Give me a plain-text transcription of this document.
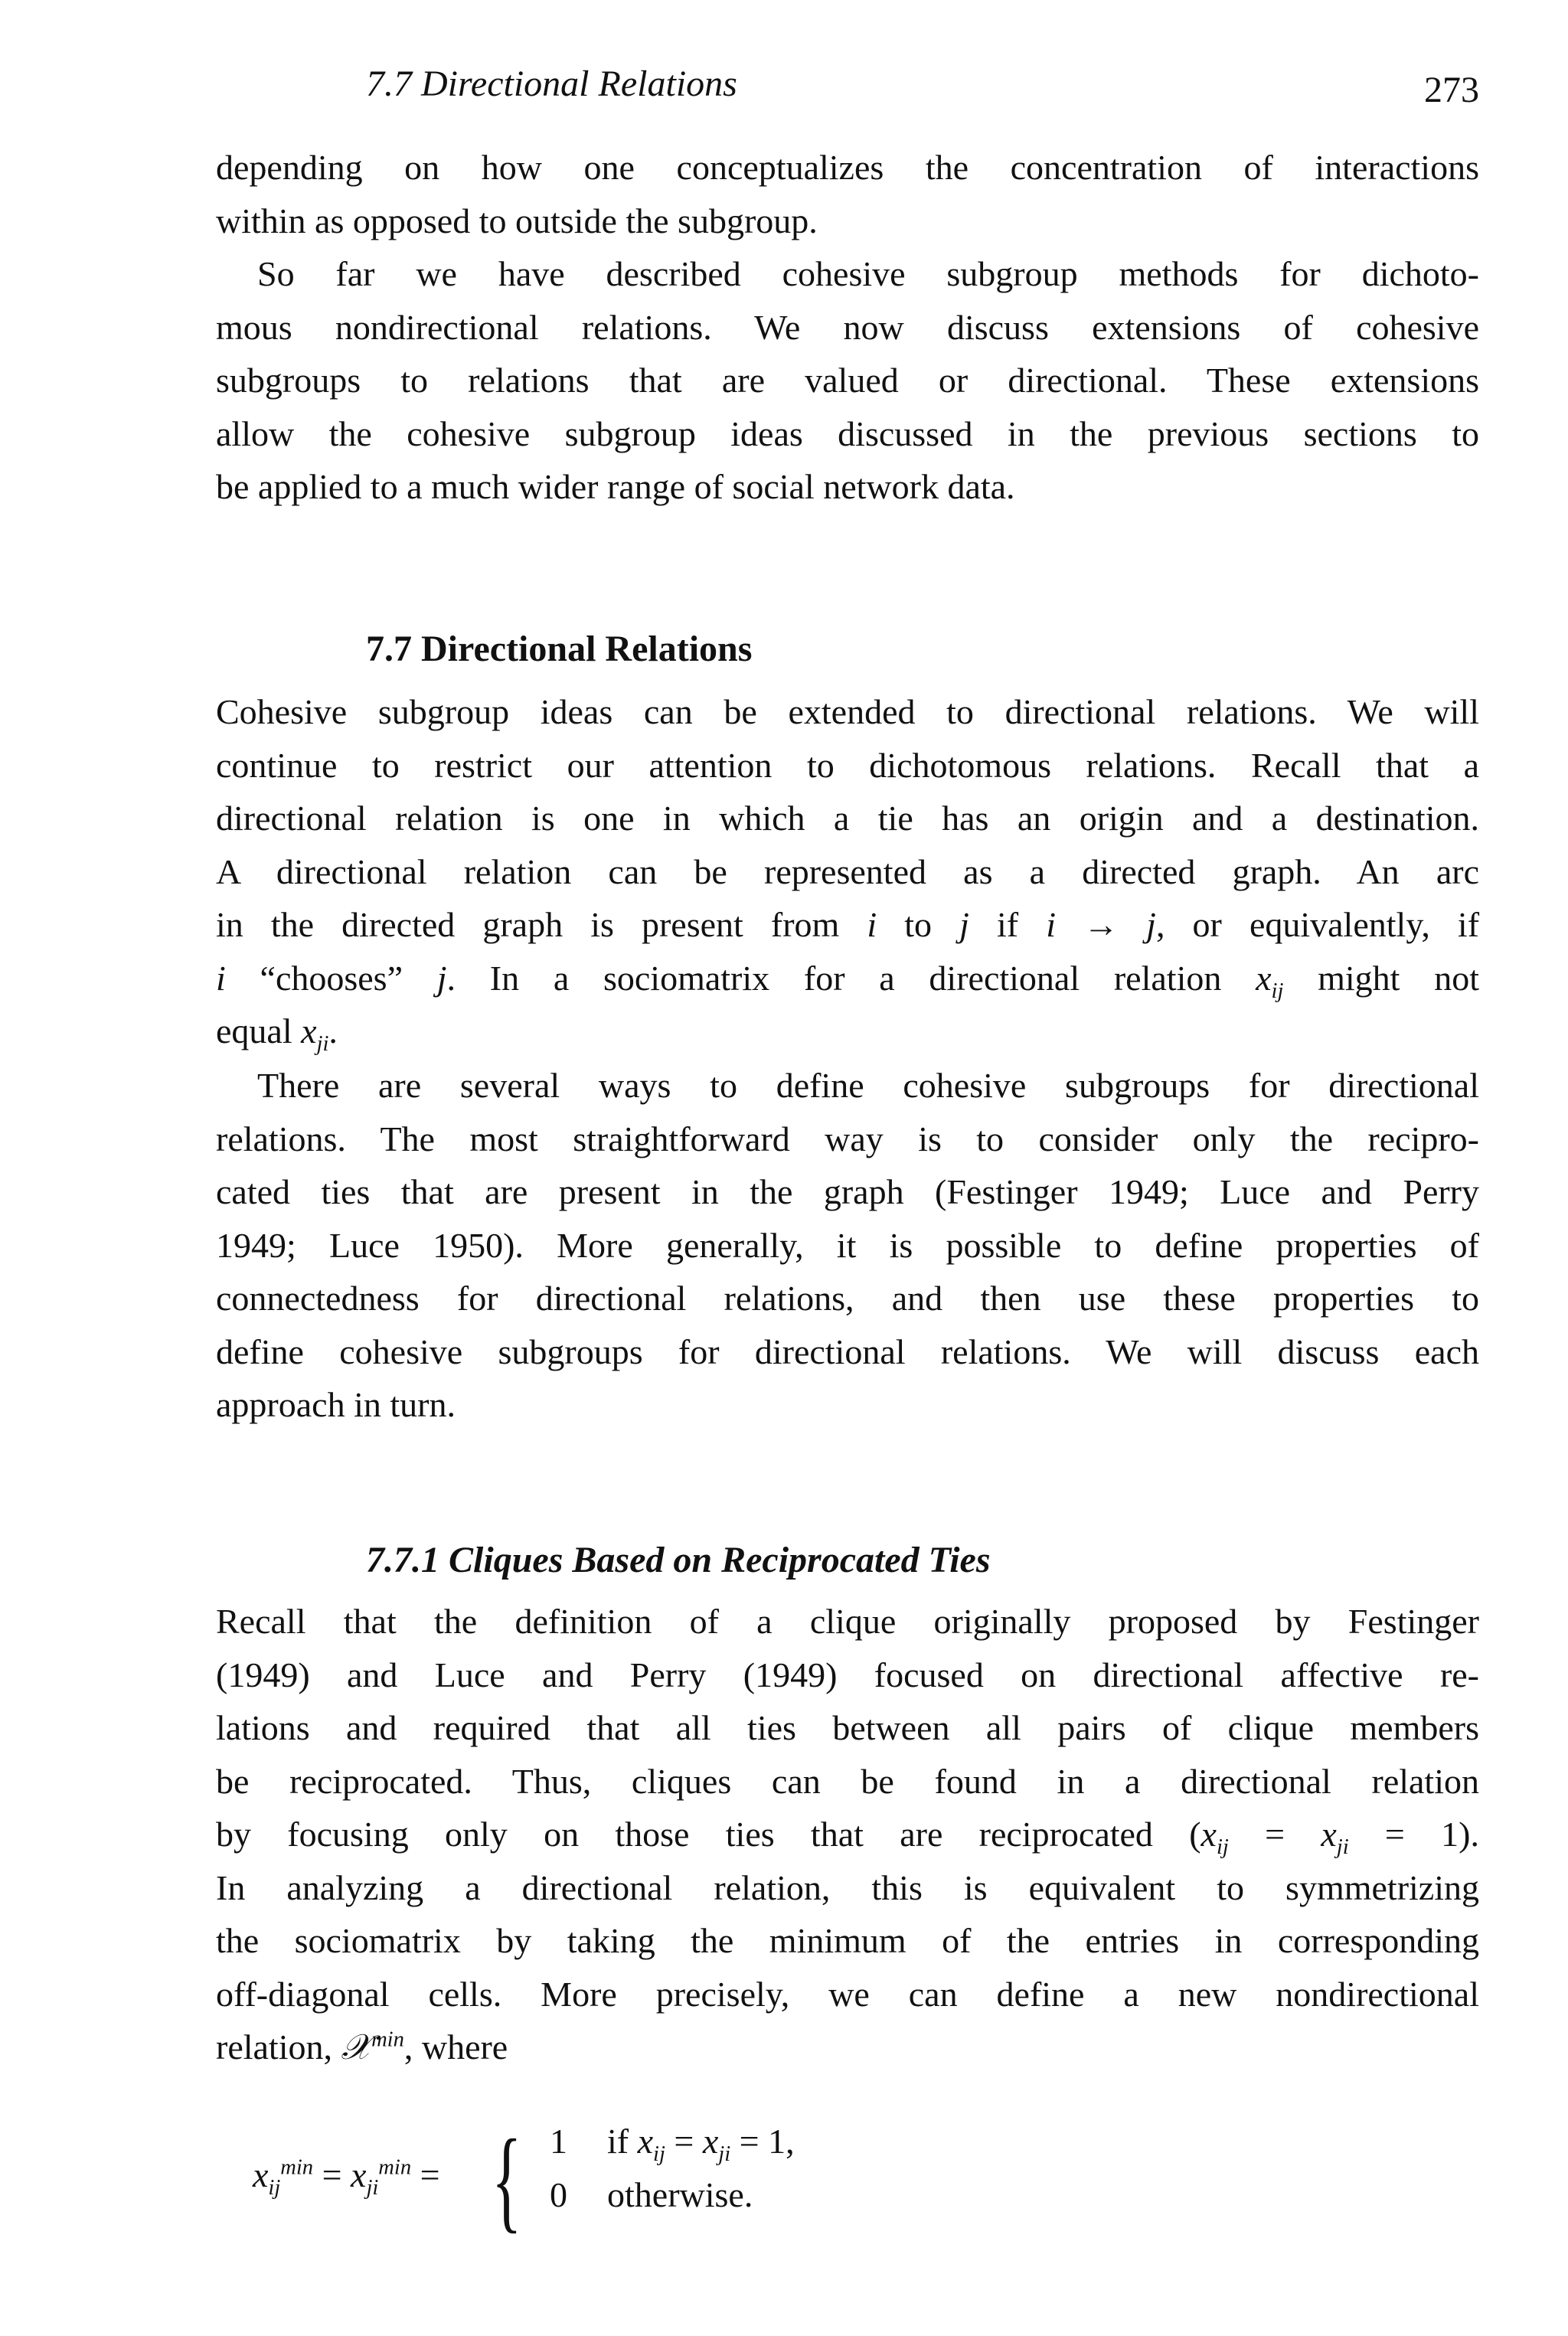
7.7 Directional Relations	273
depending on how one conceptualizes the concentration of interactions
within as opposed to outside the subgroup.
So far we have described cohesive subgroup methods for dichoto-
mous nondirectional relations. We now discuss extensions of cohesive
subgroups to relations that are valued or directional. These extensions
allow the cohesive subgroup ideas discussed in the previous sections to
be applied to a much wider range of social network data.
7.7 Directional Relations
Cohesive subgroup ideas can be extended to directional relations. We will
continue to restrict our attention to dichotomous relations. Recall that a
directional relation is one in which a tie has an origin and a destination.
A directional relation can be represented as a directed graph. An arc
in the directed graph is present from i to j if i → j, or equivalently, if
i “chooses” j. In a sociomatrix for a directional relation $x_{ij}$ might not
equal $x_{ji}$.
There are several ways to define cohesive subgroups for directional
relations. The most straightforward way is to consider only the recipro-
cated ties that are present in the graph (Festinger 1949; Luce and Perry
1949; Luce 1950). More generally, it is possible to define properties of
connectedness for directional relations, and then use these properties to
define cohesive subgroups for directional relations. We will discuss each
approach in turn.
7.7.1 Cliques Based on Reciprocated Ties
Recall that the definition of a clique originally proposed by Festinger
(1949) and Luce and Perry (1949) focused on directional affective re-
lations and required that all ties between all pairs of clique members
be reciprocated. Thus, cliques can be found in a directional relation
by focusing only on those ties that are reciprocated $(x_{ij} = x_{ji} = 1)$.
In analyzing a directional relation, this is equivalent to symmetrizing
the sociomatrix by taking the minimum of the entries in corresponding
off-diagonal cells. More precisely, we can define a new nondirectional
relation, 𝒳$^{min}$, where
$x_{ij}^{min} = x_{ji}^{min}$ = { 1 if $x_{ij} = x_{ji} = 1$,
0 otherwise.
